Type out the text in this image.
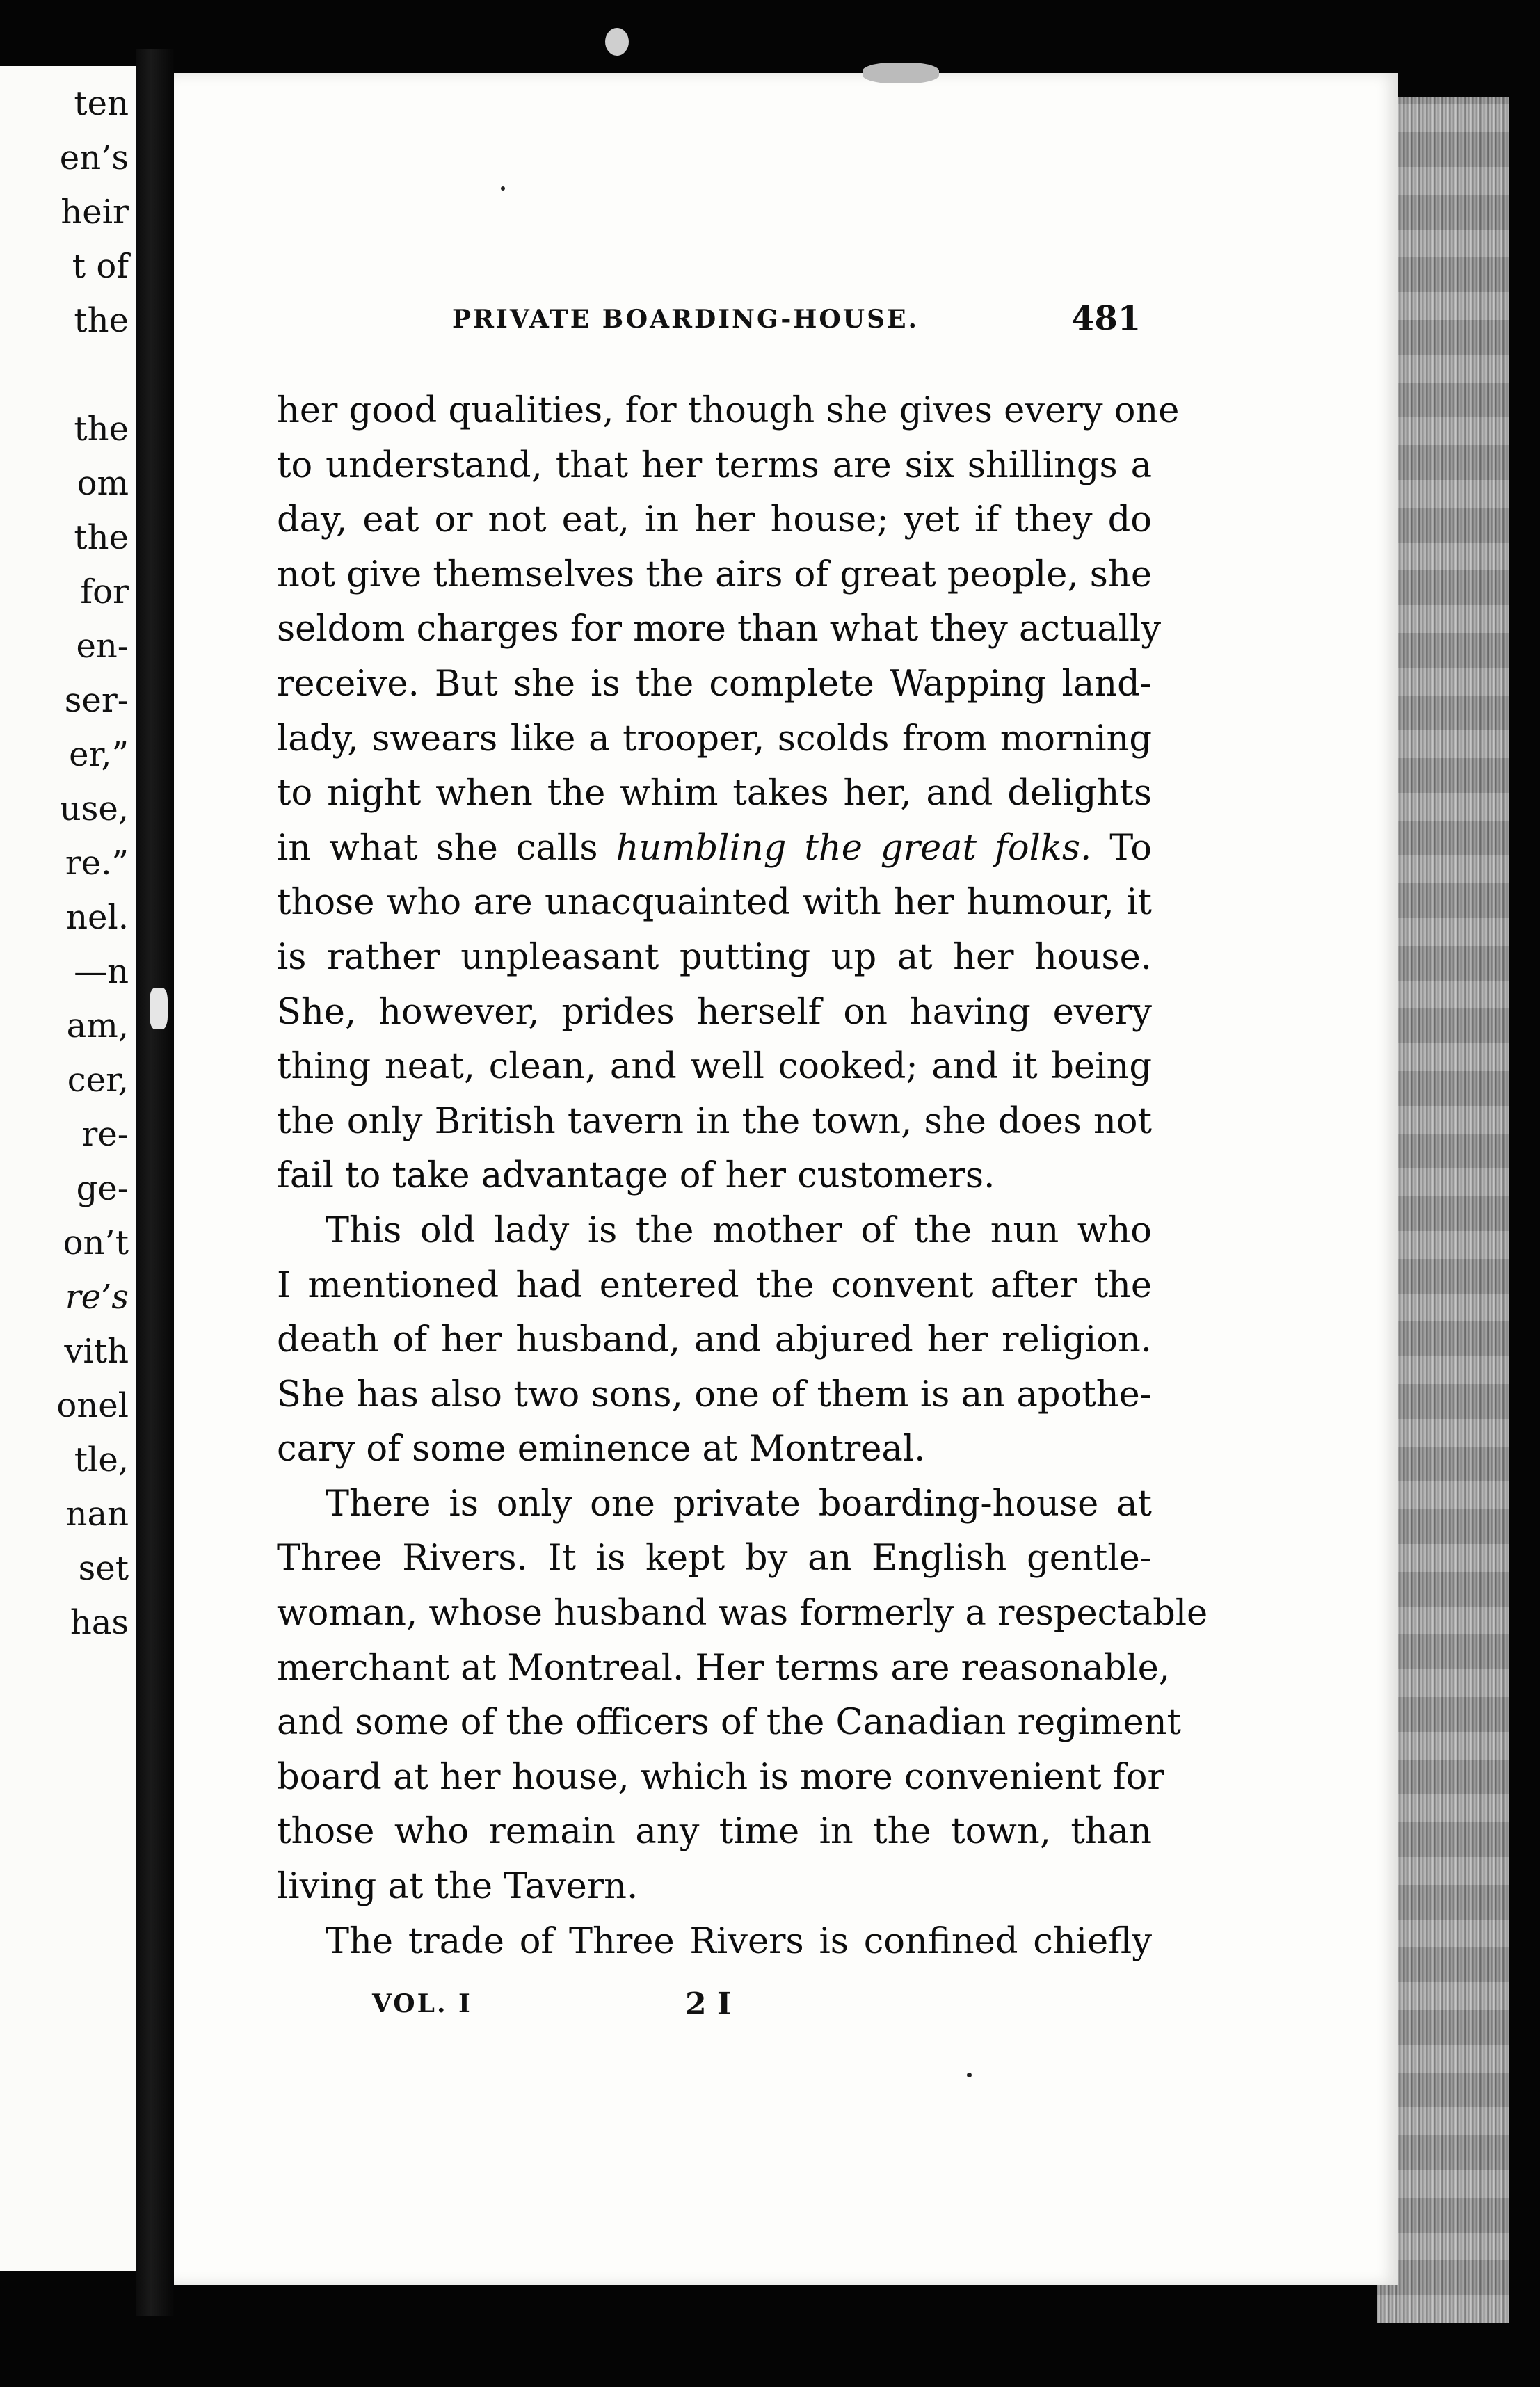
ten
en’s
heir
t of
the
the
om
the
for
en-
ser-
er,”
use,
re.”
nel.
—n
am,
cer,
re-
ge-
on’t
re’s
vith
onel
tle,
nan
set
has
PRIVATE BOARDING-HOUSE.	481
her good qualities, for though she gives every one
to understand, that her terms are six shillings a
day, eat or not eat, in her house; yet if they do
not give themselves the airs of great people, she
seldom charges for more than what they actually
receive. But she is the complete Wapping land-
lady, swears like a trooper, scolds from morning
to night when the whim takes her, and delights
in what she calls humbling the great folks. To
those who are unacquainted with her humour, it
is rather unpleasant putting up at her house.
She, however, prides herself on having every
thing neat, clean, and well cooked; and it being
the only British tavern in the town, she does not
fail to take advantage of her customers.
This old lady is the mother of the nun who
I mentioned had entered the convent after the
death of her husband, and abjured her religion.
She has also two sons, one of them is an apothe-
cary of some eminence at Montreal.
There is only one private boarding-house at
Three Rivers. It is kept by an English gentle-
woman, whose husband was formerly a respectable
merchant at Montreal. Her terms are reasonable,
and some of the officers of the Canadian regiment
board at her house, which is more convenient for
those who remain any time in the town, than
living at the Tavern.
The trade of Three Rivers is confined chiefly
VOL. I	2 I
